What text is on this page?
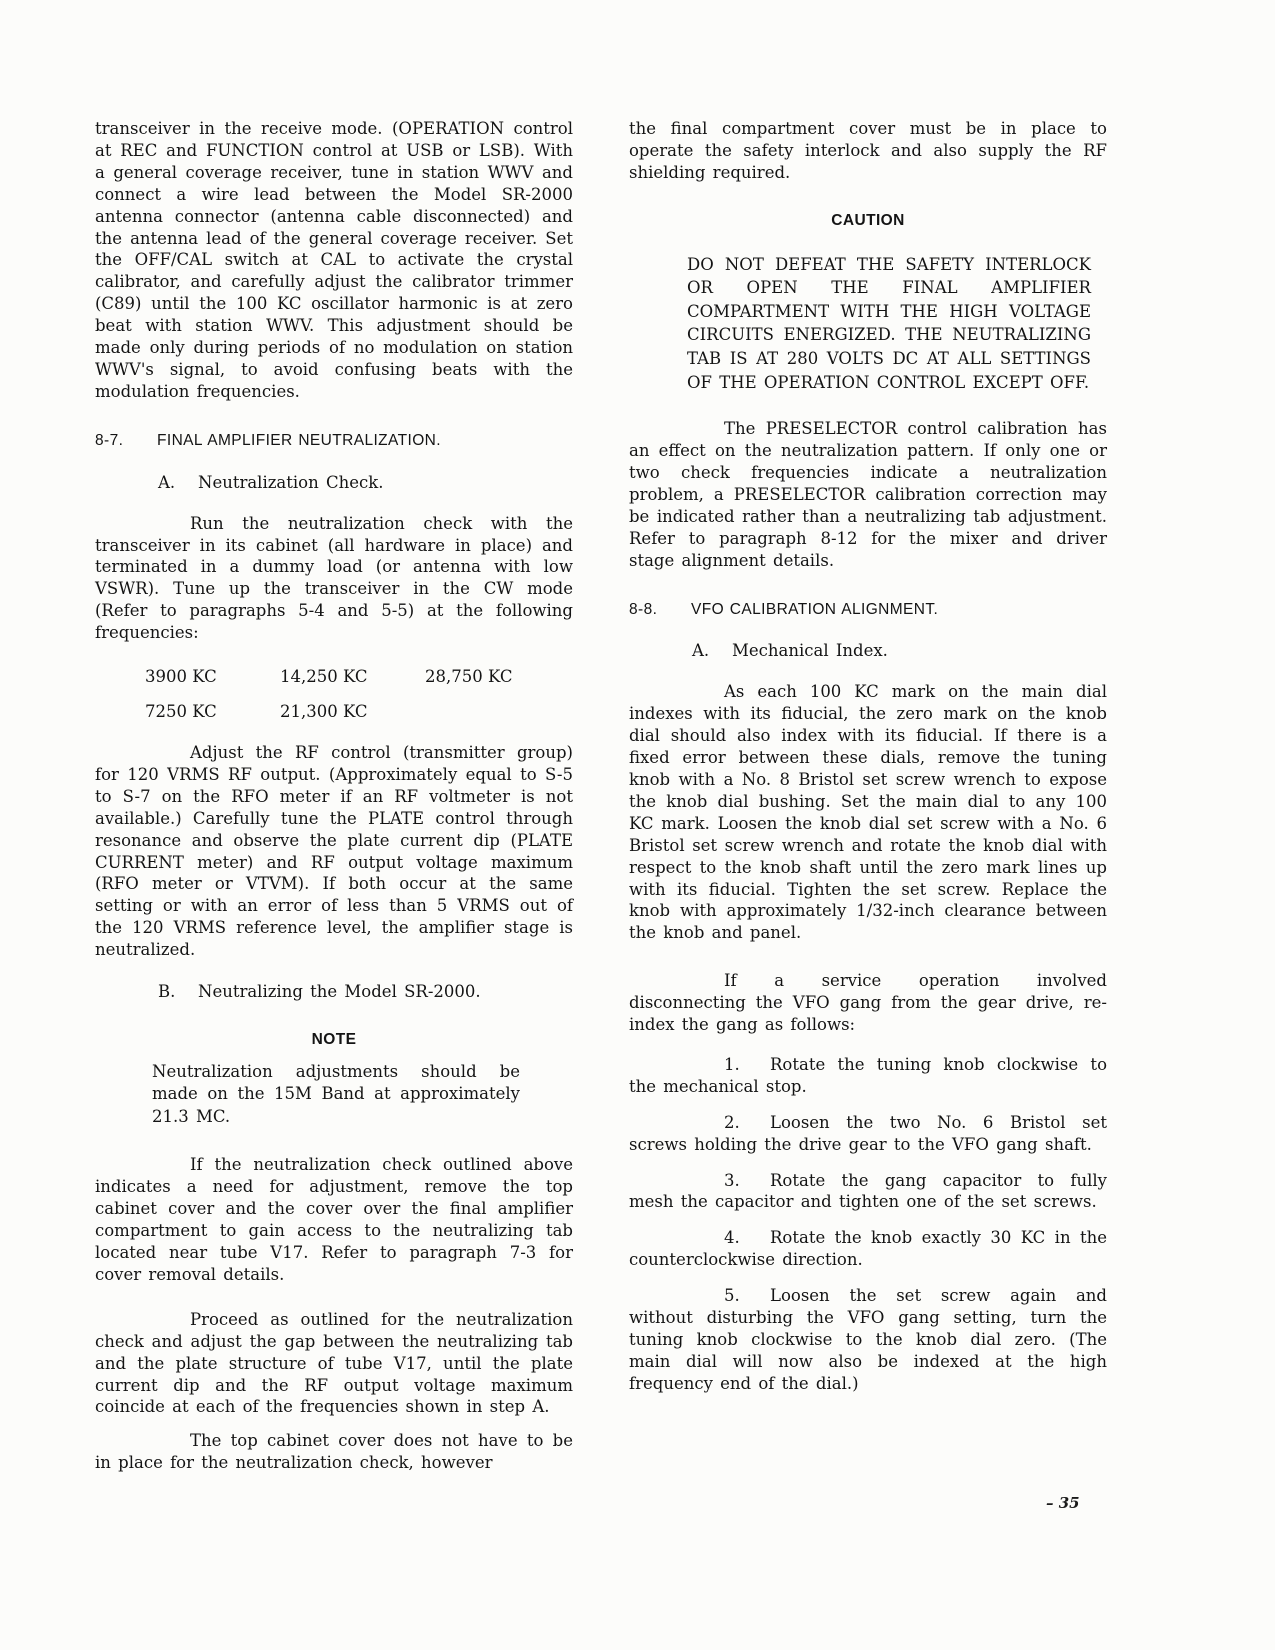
transceiver in the receive mode. (OPERATION control at REC and FUNCTION control at USB or LSB). With a general coverage receiver, tune in station WWV and connect a wire lead between the Model SR-2000 antenna connector (antenna cable disconnected) and the antenna lead of the general coverage receiver. Set the OFF/CAL switch at CAL to activate the crystal calibrator, and carefully adjust the calibrator trimmer (C89) until the 100 KC oscillator harmonic is at zero beat with station WWV. This adjustment should be made only during periods of no modulation on station WWV's signal, to avoid confusing beats with the modulation frequencies.

8-7. FINAL AMPLIFIER NEUTRALIZATION.

A. Neutralization Check.

Run the neutralization check with the transceiver in its cabinet (all hardware in place) and terminated in a dummy load (or antenna with low VSWR). Tune up the transceiver in the CW mode (Refer to paragraphs 5-4 and 5-5) at the following frequencies:

3900 KC	14,250 KC	28,750 KC
7250 KC	21,300 KC

Adjust the RF control (transmitter group) for 120 VRMS RF output. (Approximately equal to S-5 to S-7 on the RFO meter if an RF voltmeter is not available.) Carefully tune the PLATE control through resonance and observe the plate current dip (PLATE CURRENT meter) and RF output voltage maximum (RFO meter or VTVM). If both occur at the same setting or with an error of less than 5 VRMS out of the 120 VRMS reference level, the amplifier stage is neutralized.

B. Neutralizing the Model SR-2000.

NOTE

Neutralization adjustments should be made on the 15M Band at approximately 21.3 MC.

If the neutralization check outlined above indicates a need for adjustment, remove the top cabinet cover and the cover over the final amplifier compartment to gain access to the neutralizing tab located near tube V17. Refer to paragraph 7-3 for cover removal details.

Proceed as outlined for the neutralization check and adjust the gap between the neutralizing tab and the plate structure of tube V17, until the plate current dip and the RF output voltage maximum coincide at each of the frequencies shown in step A.

The top cabinet cover does not have to be in place for the neutralization check, however

the final compartment cover must be in place to operate the safety interlock and also supply the RF shielding required.

CAUTION

DO NOT DEFEAT THE SAFETY INTERLOCK OR OPEN THE FINAL AMPLIFIER COMPARTMENT WITH THE HIGH VOLTAGE CIRCUITS ENERGIZED. THE NEUTRALIZING TAB IS AT 280 VOLTS DC AT ALL SETTINGS OF THE OPERATION CONTROL EXCEPT OFF.

The PRESELECTOR control calibration has an effect on the neutralization pattern. If only one or two check frequencies indicate a neutralization problem, a PRESELECTOR calibration correction may be indicated rather than a neutralizing tab adjustment. Refer to paragraph 8-12 for the mixer and driver stage alignment details.

8-8. VFO CALIBRATION ALIGNMENT.

A. Mechanical Index.

As each 100 KC mark on the main dial indexes with its fiducial, the zero mark on the knob dial should also index with its fiducial. If there is a fixed error between these dials, remove the tuning knob with a No. 8 Bristol set screw wrench to expose the knob dial bushing. Set the main dial to any 100 KC mark. Loosen the knob dial set screw with a No. 6 Bristol set screw wrench and rotate the knob dial with respect to the knob shaft until the zero mark lines up with its fiducial. Tighten the set screw. Replace the knob with approximately 1/32-inch clearance between the knob and panel.

If a service operation involved disconnecting the VFO gang from the gear drive, re-index the gang as follows:

1. Rotate the tuning knob clockwise to the mechanical stop.

2. Loosen the two No. 6 Bristol set screws holding the drive gear to the VFO gang shaft.

3. Rotate the gang capacitor to fully mesh the capacitor and tighten one of the set screws.

4. Rotate the knob exactly 30 KC in the counterclockwise direction.

5. Loosen the set screw again and without disturbing the VFO gang setting, turn the tuning knob clockwise to the knob dial zero. (The main dial will now also be indexed at the high frequency end of the dial.)

– 35
